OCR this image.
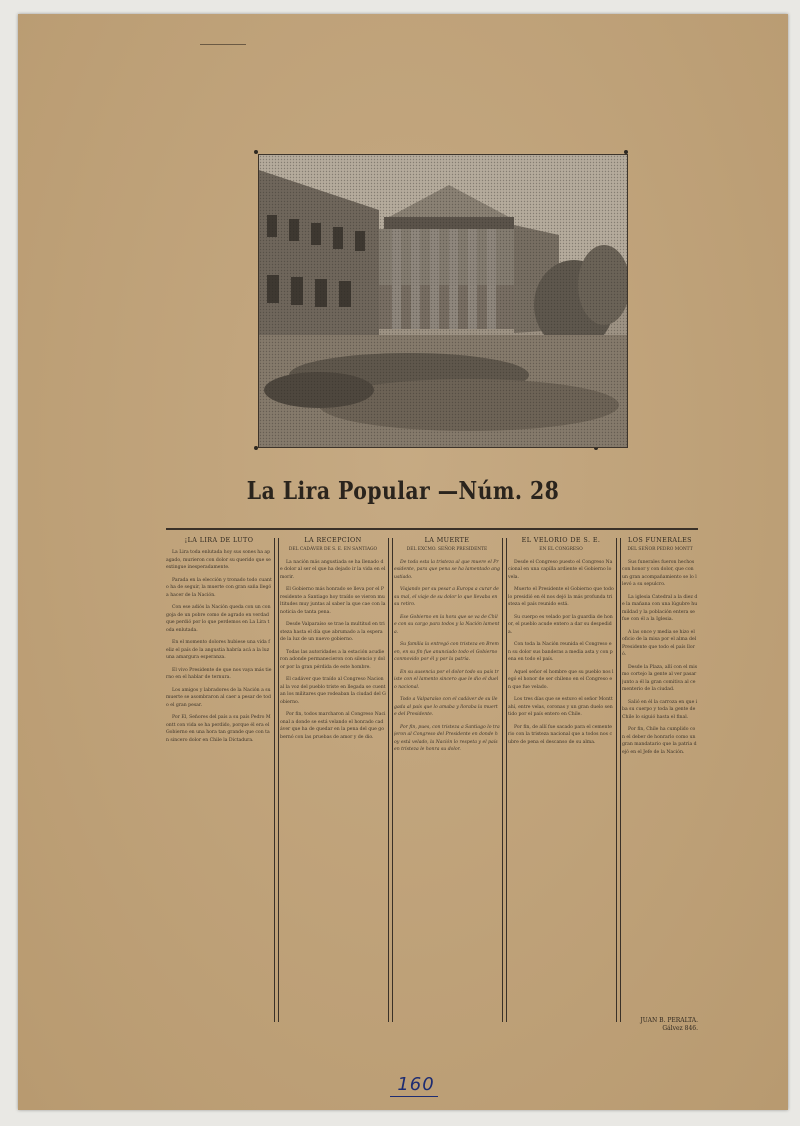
La Lira Popular —Núm. 28
¡LA LIRA DE LUTO

La Lira toda enlutada hoy sus sones ha apagado, murieron con dolor su querido que se extingue inesperadamente.

Parada en la elección y tronado todo cuanto ha de seguir, la muerte con gran saña llegó a hacer de la Nación.

Con ese adiós la Nación queda con un congoja de un pobre como de agrado en verdad que perdió por lo que perdemos en La Lira toda enlutada.

En el momento dolores hubiese una vida feliz el país de la angustia habría acá a la luz una amargura esperanza.

El vivo Presidente de que nos vaya más tierno en el hablar de ternura.

Los amigos y labradores de la Nación a su muerte se asombraron al caer a pesar de todo el gran pesar.

Por El, Señores del país a su país Pedro Montt con vida se ha perdido, porque él era el Gobierno en una hora tan grande que con tan sincero dolor en Chile la Dictadura.

LA RECEPCION
DEL CADÁVER DE S. E. EN SANTIAGO

La nación más angustiada se ha llenado de dolor al ser el que ha dejado ir la vida en el morir.

El Gobierno más honrado se lleva por el Presidente a Santiago hoy traído se vieron multitudes muy juntas al saber la que cae con la noticia de tanta pena.

Desde Valparaíso se trae la multitud en tristeza hasta el día que abrumado a la espera de la luz de un nuevo gobierno.

Todas las autoridades a la estación acudieron adonde permanecieron con silencio y dolor por la gran pérdida de este hombre.

El cadáver que traído al Congreso Nacional la voz del pueblo triste en llegada se cuentan los militares que rodeaban la ciudad del Gobierno.

Por fin, todos marcharon al Congreso Nacional a donde se está velando el honrado cadáver que ha de quedar en la pena del que gobernó con las pruebas de amor y de dio.

LA MUERTE
DEL EXCMO. SEÑOR PRESIDENTE

De toda esta la tristeza al que muere el Presidente, para que pena se ha lamentado angustiado.

Viajando por su pesar a Europa a curar de su mal, el viaje de su dolor lo que llevaba en su retiro.

Ese Gobierno en la hora que se va de Chile con su cargo para todos y la Nación lamenta.

Su familia la entregó con tristeza en Bremen, en su fin fue anunciado todo el Gobierno conmovido por él y por la patria.

En su ausencia por el dolor todo su país triste con el lamento sincero que le dio el duelo nacional.

Todo a Valparaíso con el cadáver de su llegada al país que lo amaba y lloraba la muerte del Presidente.

Por fin, pues, con tristeza a Santiago lo trajeron al Congreso del Presidente en donde hoy está velado, la Nación lo respeta y el país en tristeza le honra su dolor.

EL VELORIO DE S. E.
EN EL CONGRESO

Desde el Congreso puesto el Congreso Nacional en una capilla ardiente el Gobierno lo vela.

Muerto el Presidente el Gobierno que todo lo presidió en él nos dejó la más profunda tristeza el país reunido está.

Su cuerpo es velado por la guardia de honor, el pueblo acude entero a dar su despedida.

Con toda la Nación reunida el Congreso en su dolor sus banderas a media asta y con pena en todo el país.

Aquel señor el hombre que su pueblo nos legó el honor de ser chileno en el Congreso en que fue velado.

Los tres días que se estuvo el señor Montt ahí, entre velas, coronas y un gran duelo sentido por el país entero en Chile.

Por fin, de allí fue sacado para el cementerio con la tristeza nacional que a todos nos cubre de pena el descanso de su alma.

LOS FUNERALES
DEL SEÑOR PEDRO MONTT

Sus funerales fueron hechos con honor y con dolor, que con un gran acompañamiento se lo llevó a su sepulcro.

La iglesia Catedral a la diez de la mañana con una lúgubre humildad y la población entera se fue con él a la Iglesia.

A las once y media se hizo el oficio de la misa por el alma del Presidente que todo el país lloró.

Desde la Plaza, allí con el mismo cortejo la gente al ver pasar junto a él la gran comitiva al cementerio de la ciudad.

Salió en él la carroza en que iba su cuerpo y toda la gente de Chile lo siguió hasta el final.

Por fin, Chile ha cumplido con el deber de honrarlo como un gran mandatario que la patria dejó en el Jefe de la Nación.

JUAN B. PERALTA.
Gálvez 846.
160
